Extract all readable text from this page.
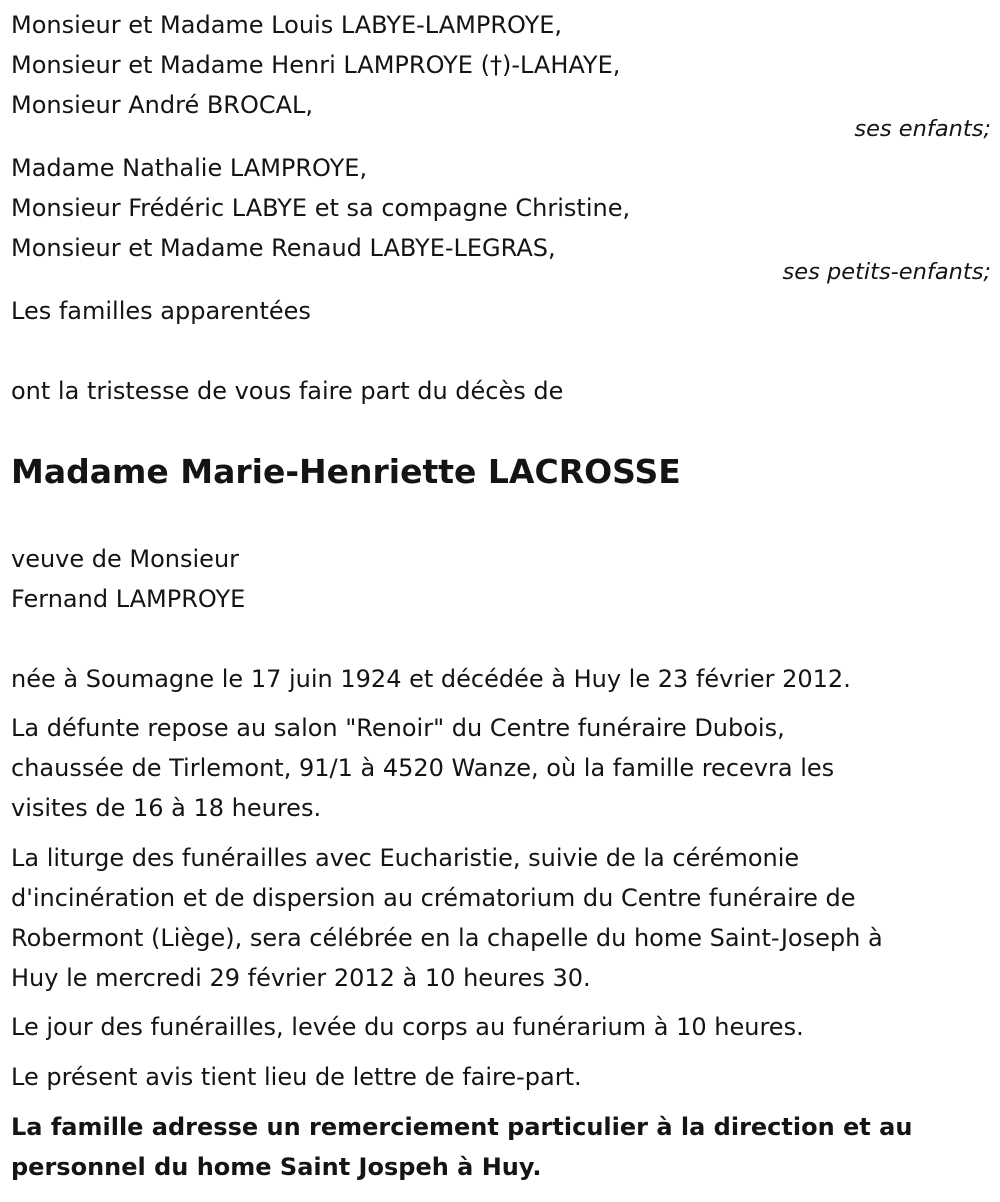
Monsieur et Madame Louis LABYE-LAMPROYE,

Monsieur et Madame Henri LAMPROYE (†)-LAHAYE,

Monsieur André BROCAL,

ses enfants;

Madame Nathalie LAMPROYE,

Monsieur Frédéric LABYE et sa compagne Christine,

Monsieur et Madame Renaud LABYE-LEGRAS,

ses petits-enfants;

Les familles apparentées

ont la tristesse de vous faire part du décès de

Madame Marie-Henriette LACROSSE

veuve de Monsieur

Fernand LAMPROYE

née à Soumagne le 17 juin 1924 et décédée à Huy le 23 février 2012.

La défunte repose au salon "Renoir" du Centre funéraire Dubois,

chaussée de Tirlemont, 91/1 à 4520 Wanze, où la famille recevra les

visites de 16 à 18 heures.

La liturge des funérailles avec Eucharistie, suivie de la cérémonie

d'incinération et de dispersion au crématorium du Centre funéraire de

Robermont (Liège), sera célébrée en la chapelle du home Saint-Joseph à

Huy le mercredi 29 février 2012 à 10 heures 30.

Le jour des funérailles, levée du corps au funérarium à 10 heures.

Le présent avis tient lieu de lettre de faire-part.

La famille adresse un remerciement particulier à la direction et au

personnel du home Saint Jospeh à Huy.
